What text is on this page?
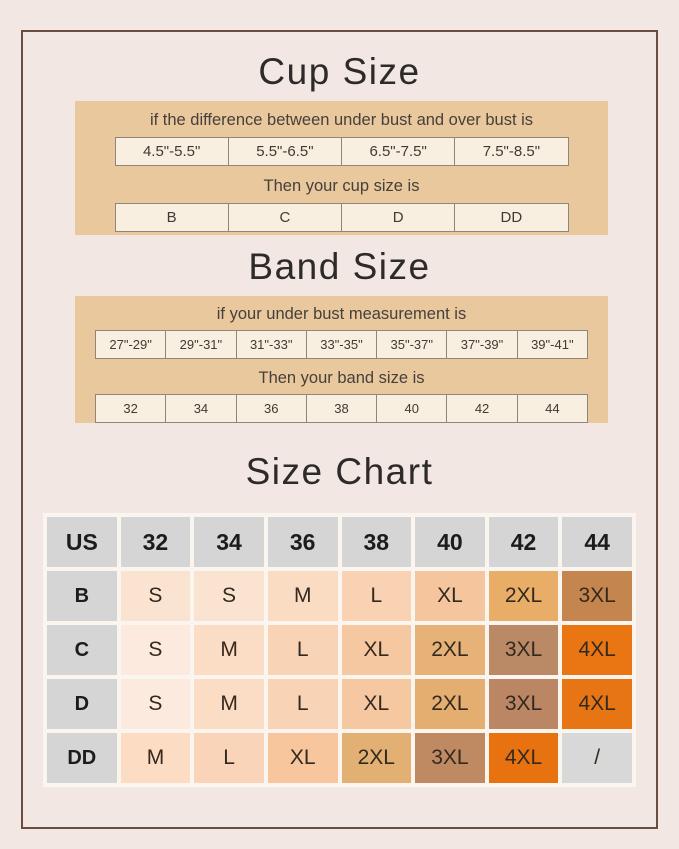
Cup Size
if the difference between under bust and over bust is
4.5"-5.5"	5.5"-6.5"	6.5"-7.5"	7.5"-8.5"
Then your cup size is
B	C	D	DD
Band Size
if your under bust measurement is
27"-29"	29"-31"	31"-33"	33"-35"	35"-37"	37"-39"	39"-41"
Then your band size is
32	34	36	38	40	42	44
Size Chart
US	32	34	36	38	40	42	44
B	S	S	M	L	XL	2XL	3XL
C	S	M	L	XL	2XL	3XL	4XL
D	S	M	L	XL	2XL	3XL	4XL
DD	M	L	XL	2XL	3XL	4XL	/
